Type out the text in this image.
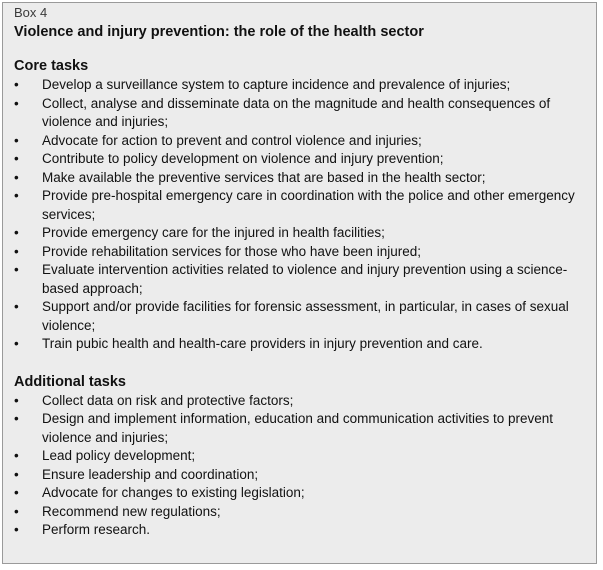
Box 4

Violence and injury prevention: the role of the health sector

Core tasks

• Develop a surveillance system to capture incidence and prevalence of injuries;
• Collect, analyse and disseminate data on the magnitude and health consequences of violence and injuries;
• Advocate for action to prevent and control violence and injuries;
• Contribute to policy development on violence and injury prevention;
• Make available the preventive services that are based in the health sector;
• Provide pre-hospital emergency care in coordination with the police and other emergency services;
• Provide emergency care for the injured in health facilities;
• Provide rehabilitation services for those who have been injured;
• Evaluate intervention activities related to violence and injury prevention using a science-based approach;
• Support and/or provide facilities for forensic assessment, in particular, in cases of sexual violence;
• Train pubic health and health-care providers in injury prevention and care.

Additional tasks

• Collect data on risk and protective factors;
• Design and implement information, education and communication activities to prevent violence and injuries;
• Lead policy development;
• Ensure leadership and coordination;
• Advocate for changes to existing legislation;
• Recommend new regulations;
• Perform research.
